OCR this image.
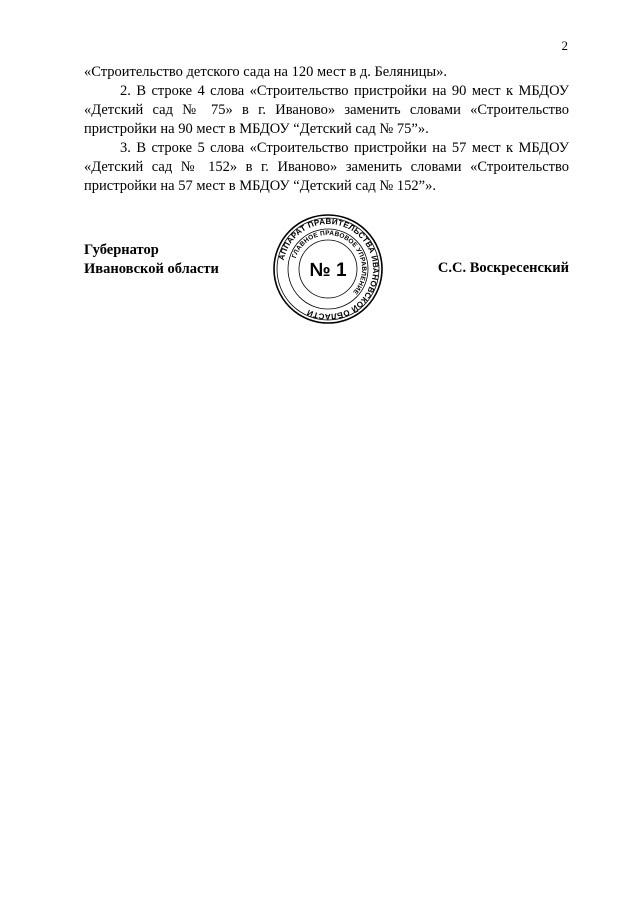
2

«Строительство детского сада на 120 мест в д. Беляницы».

2. В строке 4 слова «Строительство пристройки на 90 мест к МБДОУ «Детский сад № 75» в г. Иваново» заменить словами «Строительство пристройки на 90 мест в МБДОУ “Детский сад № 75”».

3. В строке 5 слова «Строительство пристройки на 57 мест к МБДОУ «Детский сад № 152» в г. Иваново» заменить словами «Строительство пристройки на 57 мест в МБДОУ “Детский сад № 152”».

Губернатор
Ивановской области
АППАРАТ ПРАВИТЕЛЬСТВА ИВАНОВСКОЙ ОБЛАСТИ
ГЛАВНОЕ ПРАВОВОЕ УПРАВЛЕНИЕ
№ 1	С.С. Воскресенский
